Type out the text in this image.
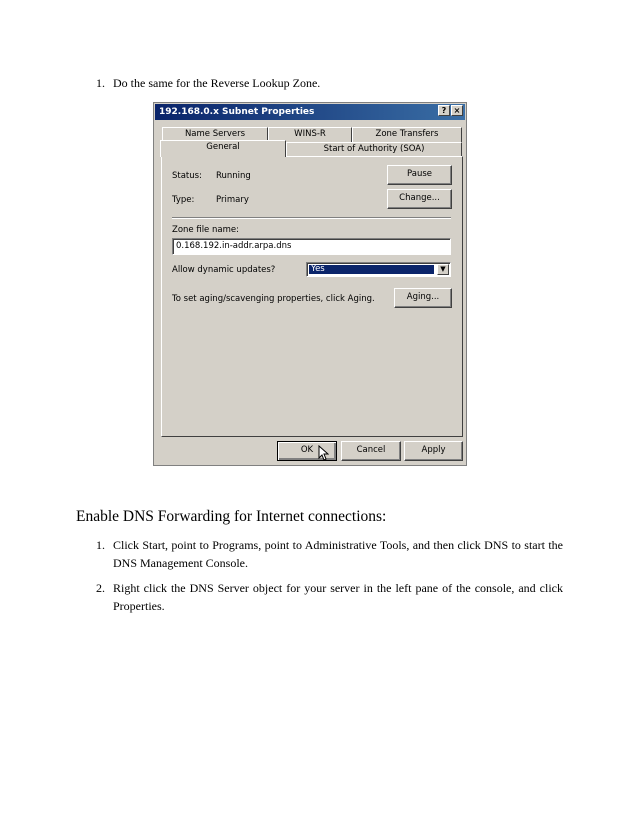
1. Do the same for the Reverse Lookup Zone.
192.168.0.x Subnet Properties	? ×
Name Servers	WINS-R	Zone Transfers
General	Start of Authority (SOA)
Status: Running	Pause
Type:	Primary	Change...
Zone file name:
0.168.192.in-addr.arpa.dns
Allow dynamic updates?	Yes	▼
To set aging/scavenging properties, click Aging.	Aging...
OK	Cancel	Apply
Enable DNS Forwarding for Internet connections:
1. Click Start, point to Programs, point to Administrative Tools, and then click DNS to start the DNS Management Console.
2. Right click the DNS Server object for your server in the left pane of the console, and click Properties.
